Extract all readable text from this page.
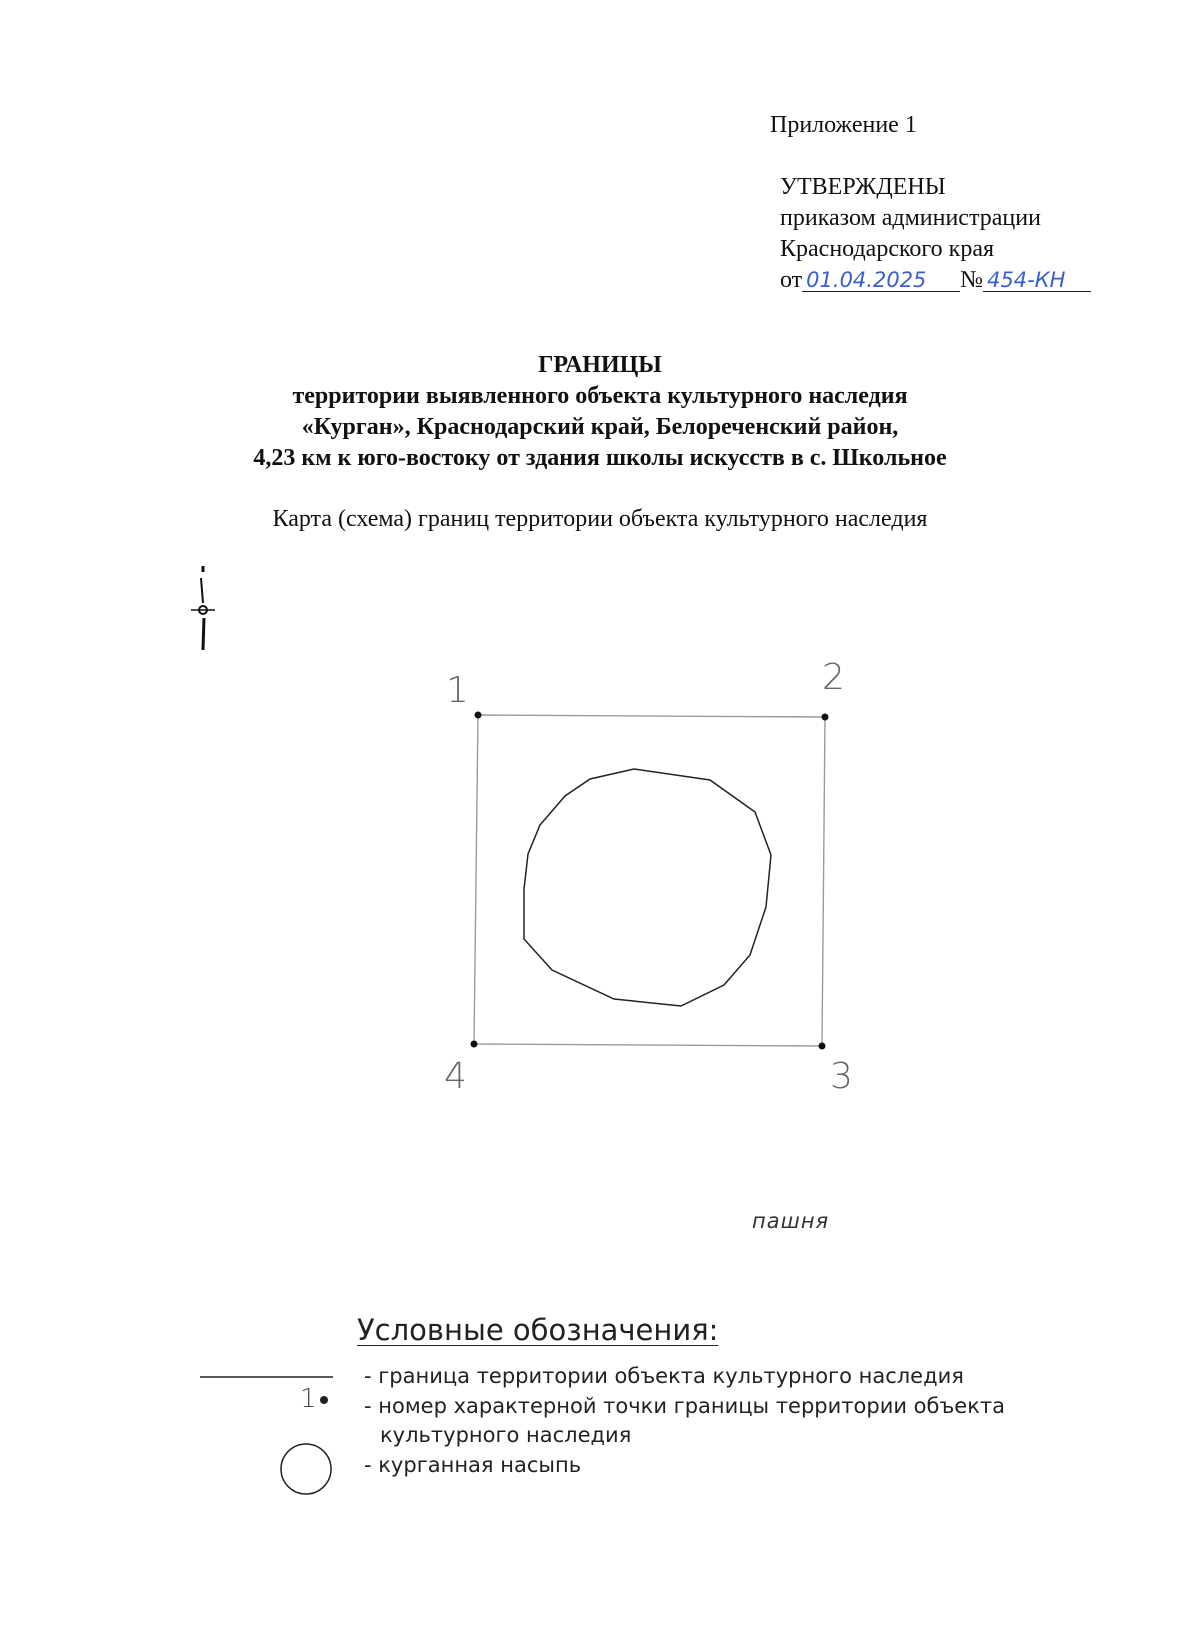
Приложение 1
УТВЕРЖДЕНЫ
приказом администрации
Краснодарского края
от 01.04.2025 № 454-КН
ГРАНИЦЫ
территории выявленного объекта культурного наследия
«Курган», Краснодарский край, Белореченский район,
4,23 км к юго-востоку от здания школы искусств в с. Школьное
Карта (схема) границ территории объекта культурного наследия
1	2
3
4
пашня
Условные обозначения:
- граница территории объекта культурного наследия
1 - номер характерной точки границы территории объекта
культурного наследия
- курганная насыпь
